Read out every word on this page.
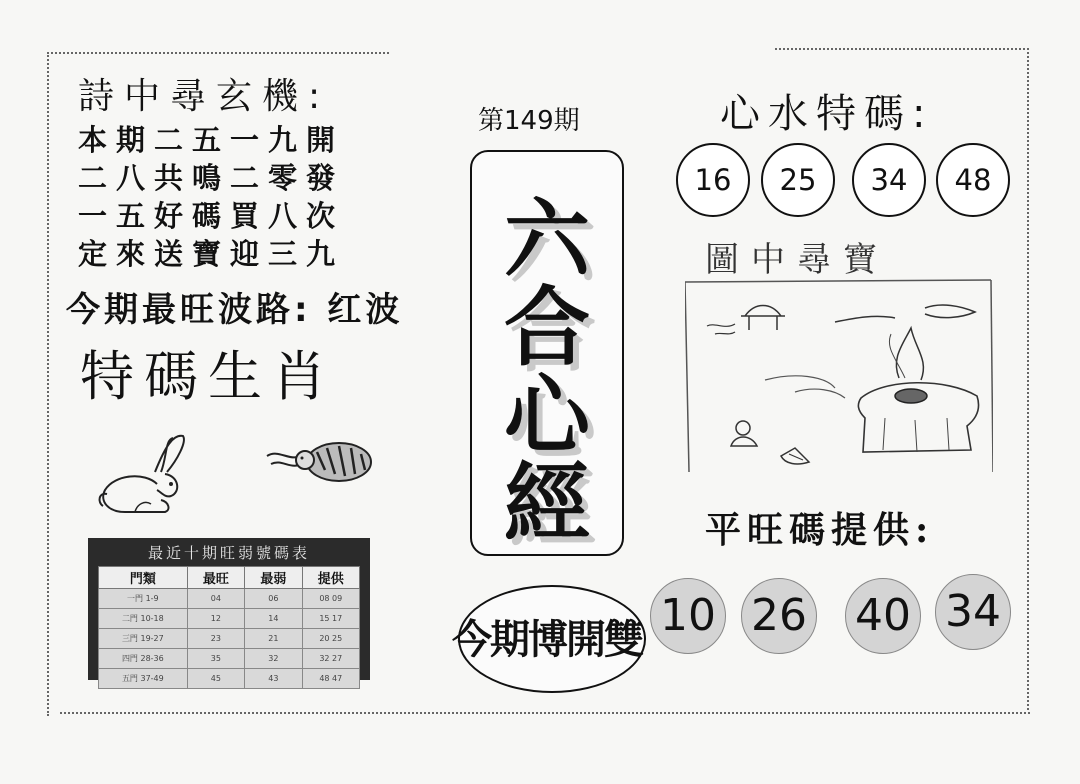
詩中尋玄機:
本期二五一九開
二八共鳴二零發
一五好碼買八次
定來送寶迎三九
今期最旺波路: 红波
特碼生肖
最近十期旺弱號碼表
門類	最旺	最弱	提供
一門 1-9	04	06	08 09
二門 10-18	12	14	15 17
三門 19-27	23	21	20 25
四門 28-36	35	32	32 27
五門 37-49	45	43	48 47
第149期
六
合
心
經
今期博開雙
心水特碼:
16	25	34	48
圖中尋寶
平旺碼提供:
10 26 40 34
